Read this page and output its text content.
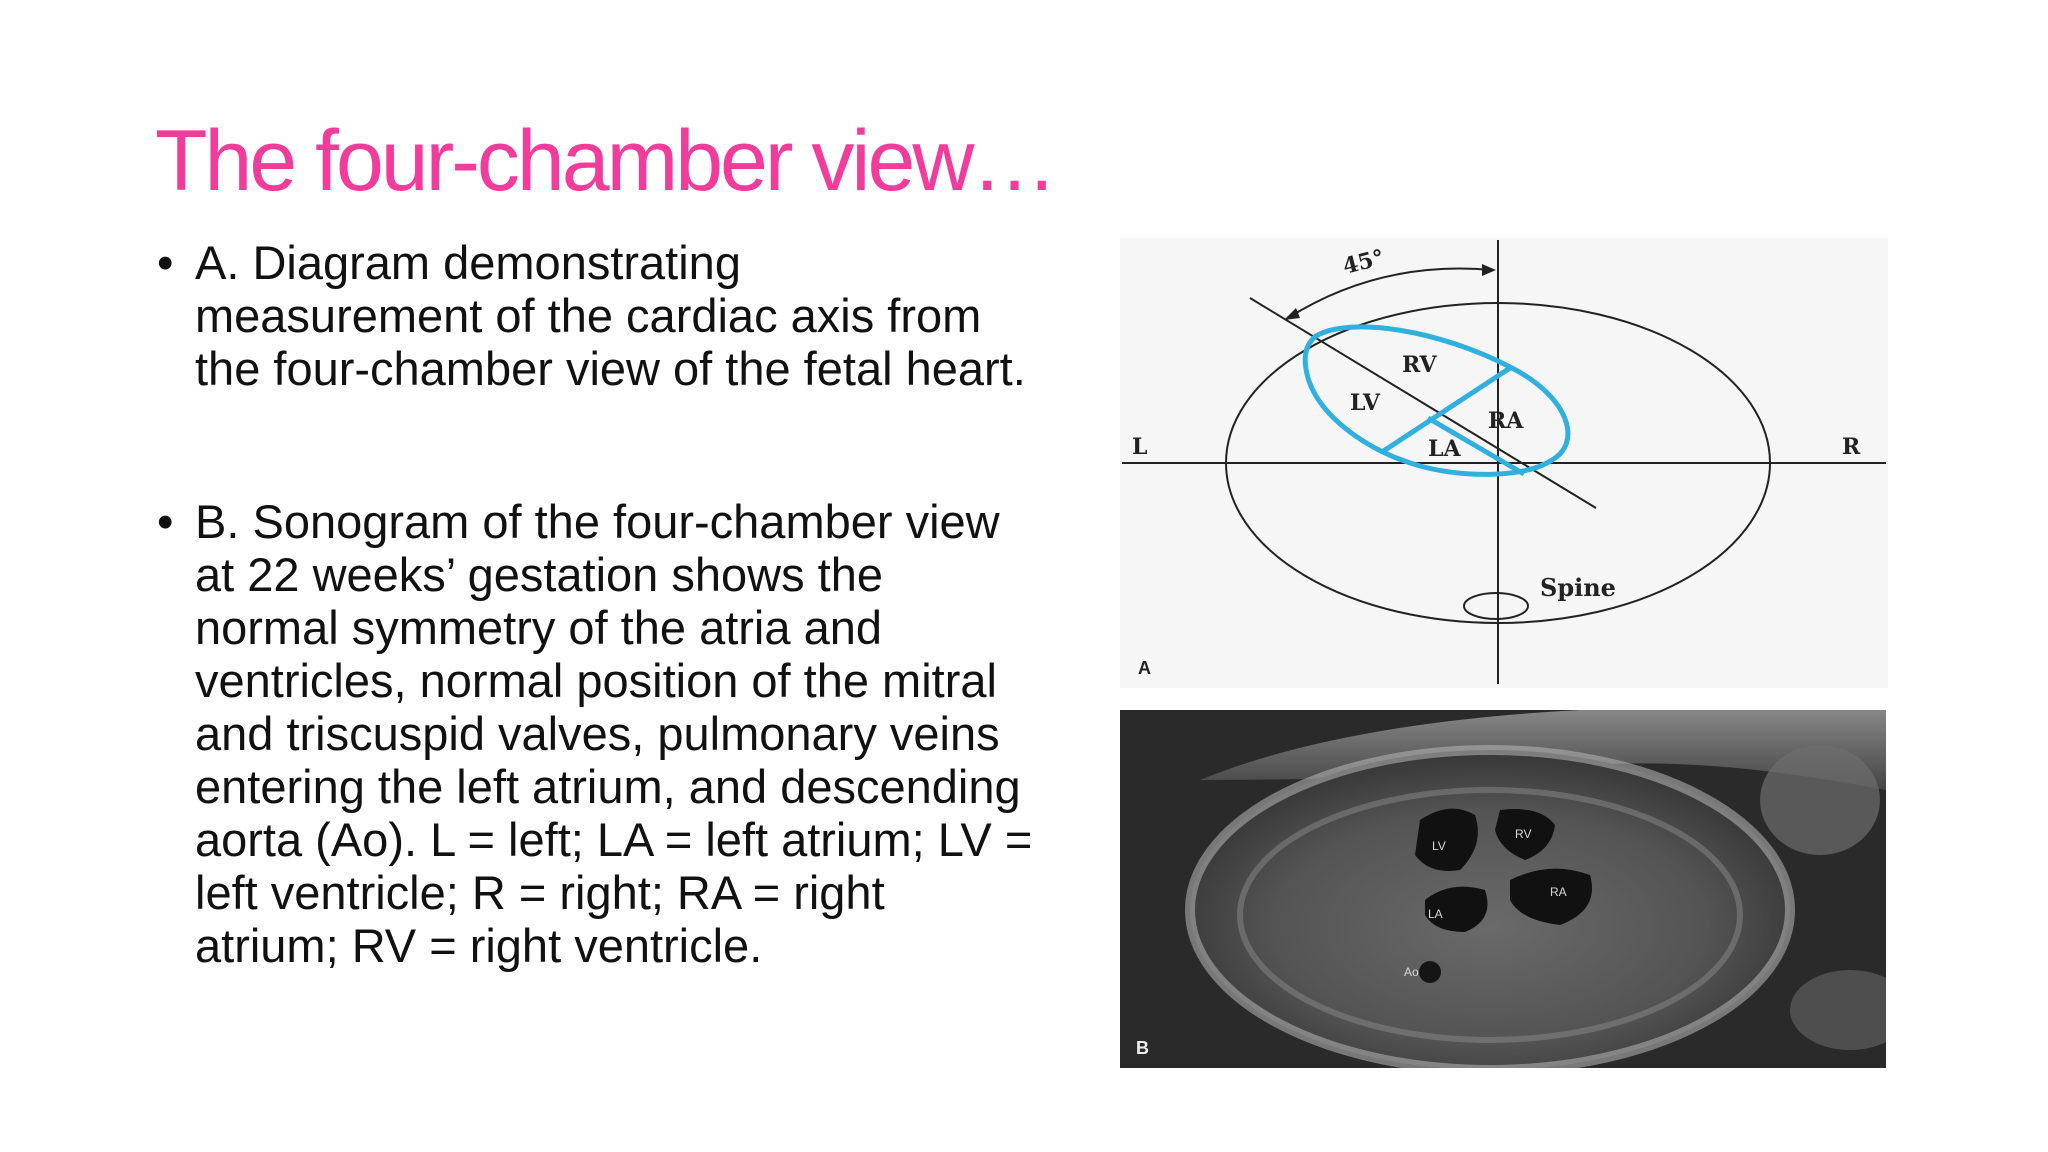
The four-chamber view…
• A. Diagram demonstrating measurement of the cardiac axis from the four-chamber view of the fetal heart.
• B. Sonogram of the four-chamber view at 22 weeks’ gestation shows the normal symmetry of the atria and ventricles, normal position of the mitral and triscuspid valves, pulmonary veins entering the left atrium, and descending aorta (Ao). L = left; LA = left atrium; LV = left ventricle; R = right; RA = right atrium; RV = right ventricle.
45°
RV
LV
RA
LA
L	R
Spine
A
LV
RV
RA
LA
Ao
B
